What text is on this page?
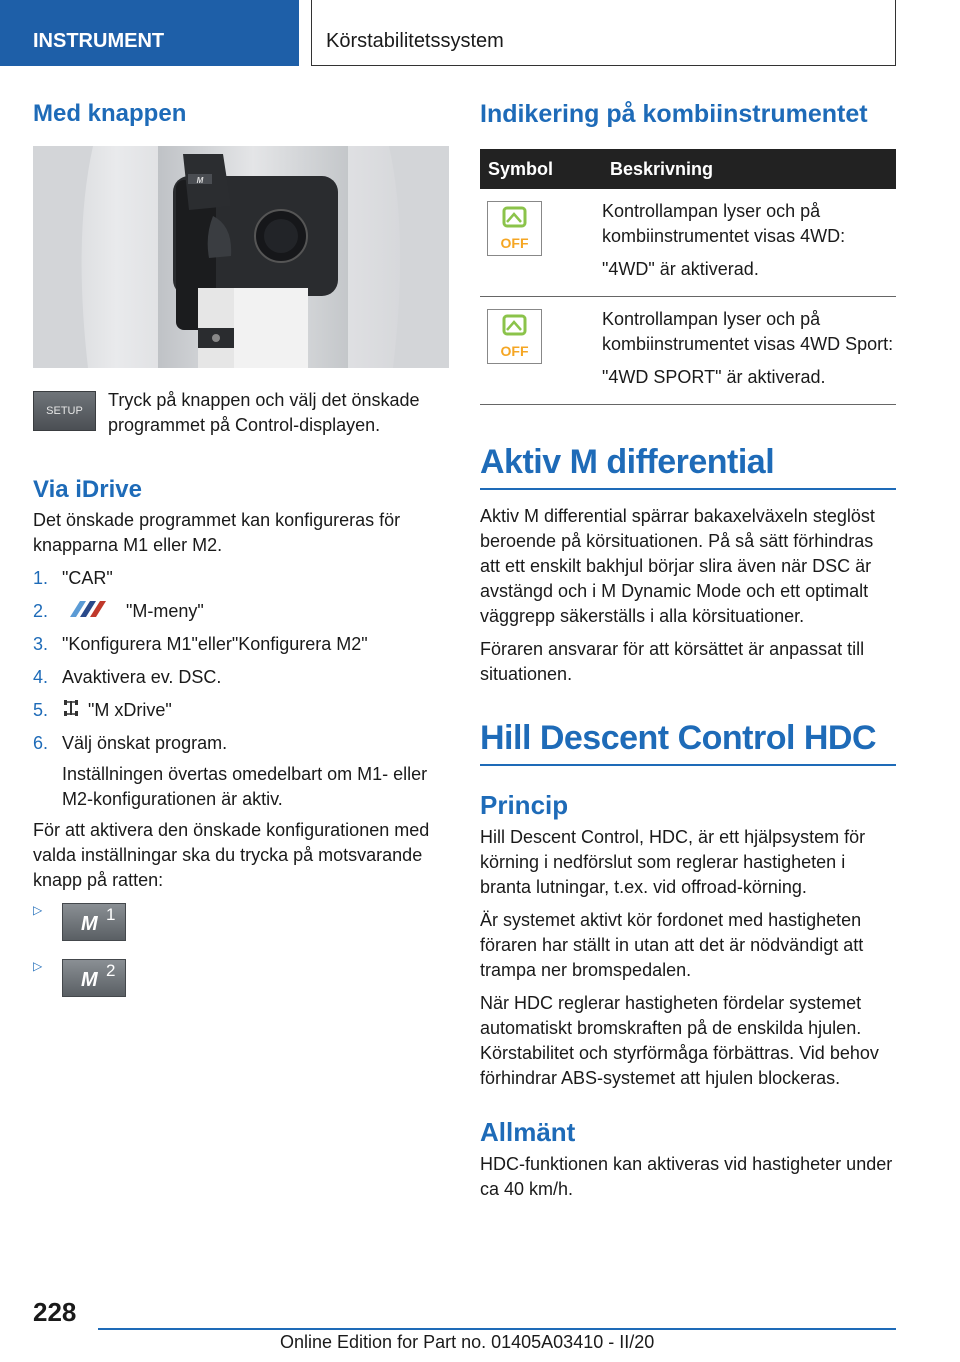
INSTRUMENT	Körstabilitetssystem
Med knappen
M
SETUP
Tryck på knappen och välj det önskade programmet på Control-displayen.
Via iDrive
Det önskade programmet kan konfigureras för knapparna M1 eller M2.
1. "CAR"
2.	"M-meny"
3. "Konfigurera M1"eller"Konfigurera M2"
4. Avaktivera ev. DSC.
5.	"M xDrive"
6. Välj önskat program.
Inställningen övertas omedelbart om M1- eller M2-konfigurationen är aktiv.
För att aktivera den önskade konfigurationen med valda inställningar ska du trycka på motsvarande knapp på ratten:
▷
M 1
▷
M 2
Indikering på kombiinstrumentet
Symbol	Beskrivning

OFF	Kontrollampan lyser och på kombiinstrumentet visas 4WD:
"4WD" är aktiverad.

OFF	Kontrollampan lyser och på kombiinstrumentet visas 4WD Sport:
"4WD SPORT" är aktiverad.
Aktiv M differential
Aktiv M differential spärrar bakaxelväxeln steglöst beroende på körsituationen. På så sätt förhindras att ett enskilt bakhjul börjar slira även när DSC är avstängd och i M Dynamic Mode och ett optimalt väggrepp säkerställs i alla körsituationer.
Föraren ansvarar för att körsättet är anpassat till situationen.
Hill Descent Control HDC
Princip
Hill Descent Control, HDC, är ett hjälpsystem för körning i nedförslut som reglerar hastigheten i branta lutningar, t.ex. vid offroad-körning.
Är systemet aktivt kör fordonet med hastigheten föraren har ställt in utan att det är nödvändigt att trampa ner bromspedalen.
När HDC reglerar hastigheten fördelar systemet automatiskt bromskraften på de enskilda hjulen. Körstabilitet och styrförmåga förbättras. Vid behov förhindrar ABS-systemet att hjulen blockeras.
Allmänt
HDC-funktionen kan aktiveras vid hastigheter under ca 40 km/h.
228
Online Edition for Part no. 01405A03410 - II/20
